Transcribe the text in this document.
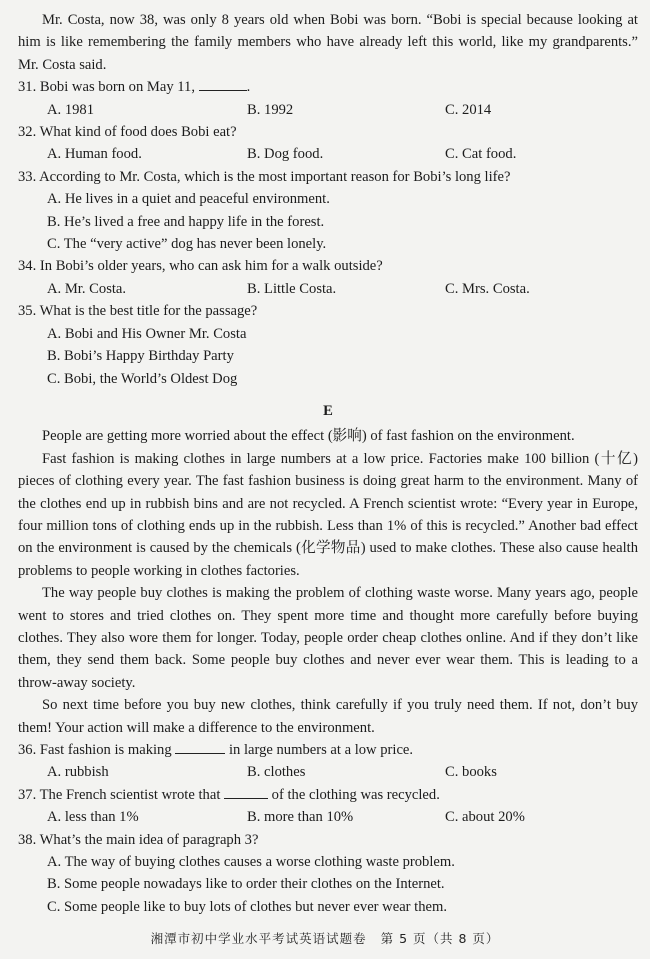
Mr. Costa, now 38, was only 8 years old when Bobi was born. “Bobi is special because looking at him is like remembering the family members who have already left this world, like my grandparents.” Mr. Costa said.

31. Bobi was born on May 11,	.

A. 1981	B. 1992	C. 2014

32. What kind of food does Bobi eat?

A. Human food.	B. Dog food.	C. Cat food.

33. According to Mr. Costa, which is the most important reason for Bobi’s long life?

A. He lives in a quiet and peaceful environment.

B. He’s lived a free and happy life in the forest.

C. The “very active” dog has never been lonely.

34. In Bobi’s older years, who can ask him for a walk outside?

A. Mr. Costa.	B. Little Costa.	C. Mrs. Costa.

35. What is the best title for the passage?

A. Bobi and His Owner Mr. Costa

B. Bobi’s Happy Birthday Party

C. Bobi, the World’s Oldest Dog

E

People are getting more worried about the effect (影响) of fast fashion on the environment.

Fast fashion is making clothes in large numbers at a low price. Factories make 100 billion (十亿) pieces of clothing every year. The fast fashion business is doing great harm to the environment. Many of the clothes end up in rubbish bins and are not recycled. A French scientist wrote: “Every year in Europe, four million tons of clothing ends up in the rubbish. Less than 1% of this is recycled.” Another bad effect on the environment is caused by the chemicals (化学物品) used to make clothes. These also cause health problems to people working in clothes factories.

The way people buy clothes is making the problem of clothing waste worse. Many years ago, people went to stores and tried clothes on. They spent more time and thought more carefully before buying clothes. They also wore them for longer. Today, people order cheap clothes online. And if they don’t like them, they send them back. Some people buy clothes and never ever wear them. This is leading to a throw-away society.

So next time before you buy new clothes, think carefully if you truly need them. If not, don’t buy them! Your action will make a difference to the environment.

36. Fast fashion is making	in large numbers at a low price.

A. rubbish	B. clothes	C. books

37. The French scientist wrote that	of the clothing was recycled.

A. less than 1%	B. more than 10%	C. about 20%

38. What’s the main idea of paragraph 3?

A. The way of buying clothes causes a worse clothing waste problem.

B. Some people nowadays like to order their clothes on the Internet.

C. Some people like to buy lots of clothes but never ever wear them.

湘潭市初中学业水平考试英语试题卷 第 5 页（共 8 页）
